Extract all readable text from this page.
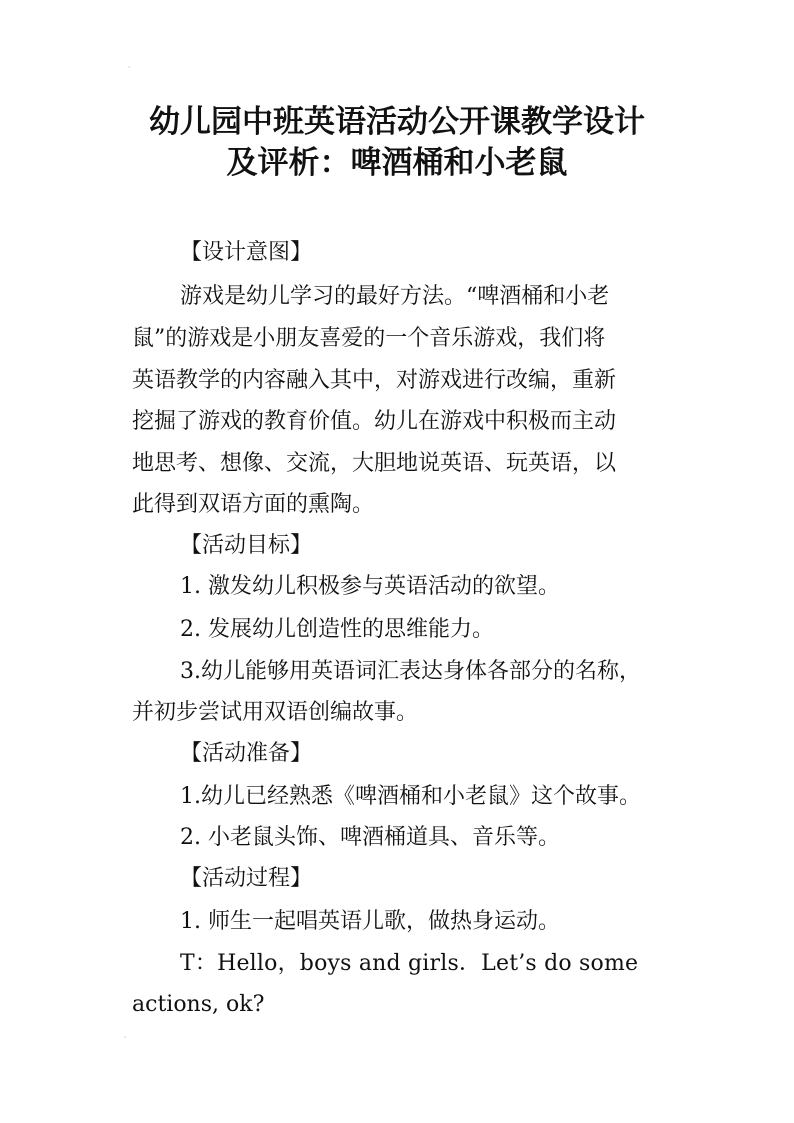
⸱
⸱
幼儿园中班英语活动公开课教学设计
及评析：啤酒桶和小老鼠

【设计意图】

游戏是幼儿学习的最好方法。“啤酒桶和小老

鼠”的游戏是小朋友喜爱的一个音乐游戏，我们将

英语教学的内容融入其中，对游戏进行改编，重新

挖掘了游戏的教育价值。幼儿在游戏中积极而主动

地思考、想像、交流，大胆地说英语、玩英语，以

此得到双语方面的熏陶。

【活动目标】

1. 激发幼儿积极参与英语活动的欲望。

2. 发展幼儿创造性的思维能力。

3.幼儿能够用英语词汇表达身体各部分的名称，

并初步尝试用双语创编故事。

【活动准备】

1.幼儿已经熟悉《啤酒桶和小老鼠》这个故事。

2. 小老鼠头饰、啤酒桶道具、音乐等。

【活动过程】

1. 师生一起唱英语儿歌，做热身运动。

T：Hello，boys and girls．Let’s do some

actions, ok?
